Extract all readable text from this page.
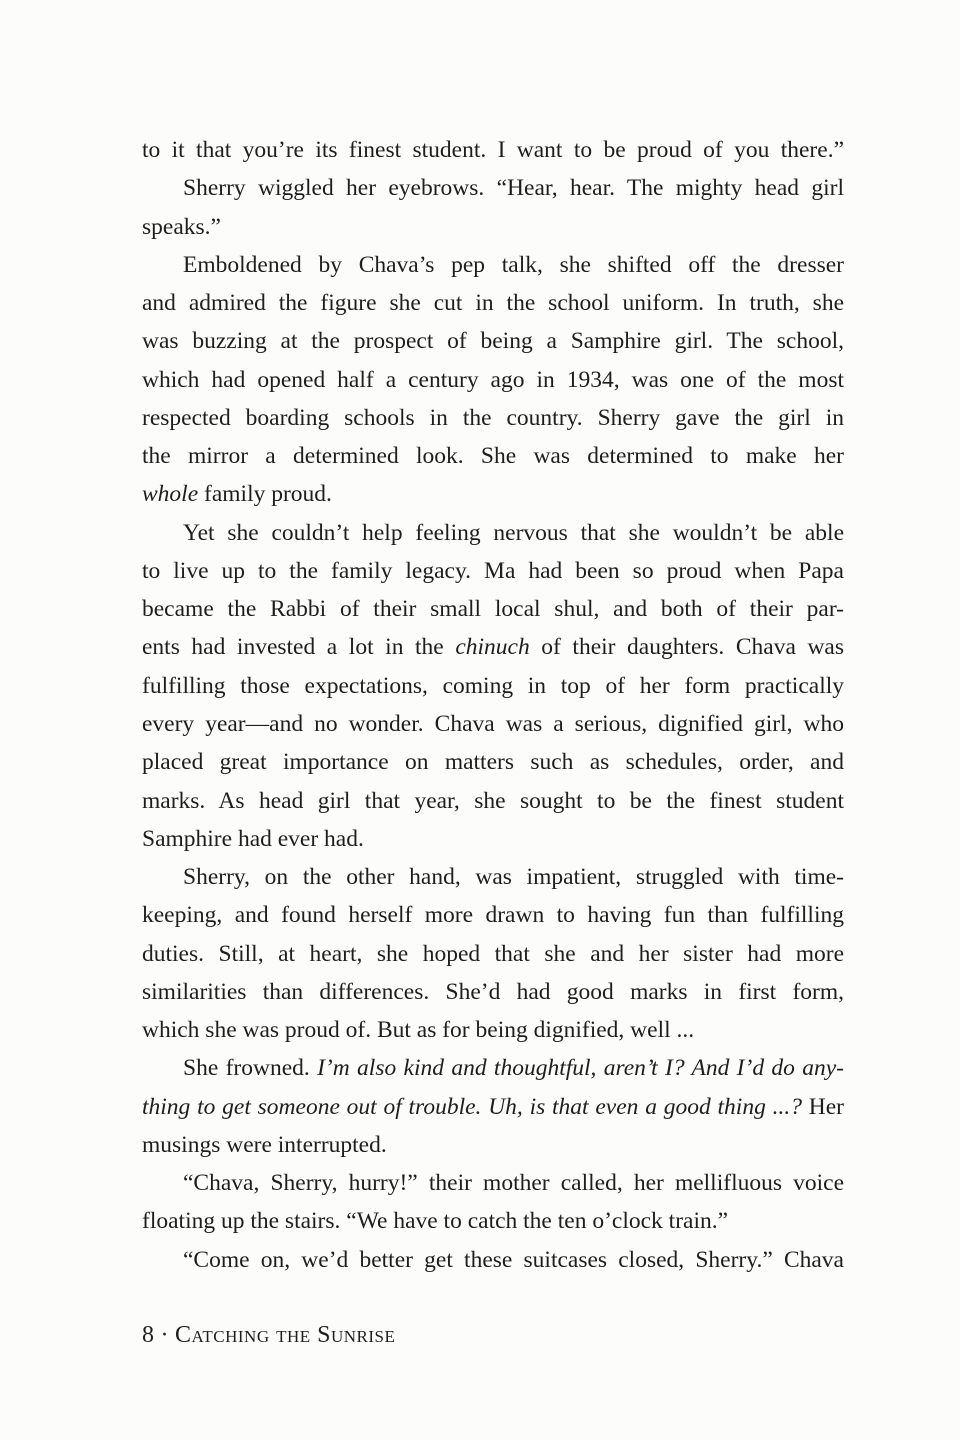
to it that you’re its finest student. I want to be proud of you there.”
Sherry wiggled her eyebrows. “Hear, hear. The mighty head girl
speaks.”
Emboldened by Chava’s pep talk, she shifted off the dresser
and admired the figure she cut in the school uniform. In truth, she
was buzzing at the prospect of being a Samphire girl. The school,
which had opened half a century ago in 1934, was one of the most
respected boarding schools in the country. Sherry gave the girl in
the mirror a determined look. She was determined to make her
whole family proud.
Yet she couldn’t help feeling nervous that she wouldn’t be able
to live up to the family legacy. Ma had been so proud when Papa
became the Rabbi of their small local shul, and both of their par-
ents had invested a lot in the chinuch of their daughters. Chava was
fulfilling those expectations, coming in top of her form practically
every year—and no wonder. Chava was a serious, dignified girl, who
placed great importance on matters such as schedules, order, and
marks. As head girl that year, she sought to be the finest student
Samphire had ever had.
Sherry, on the other hand, was impatient, struggled with time-
keeping, and found herself more drawn to having fun than fulfilling
duties. Still, at heart, she hoped that she and her sister had more
similarities than differences. She’d had good marks in first form,
which she was proud of. But as for being dignified, well ...
She frowned. I’m also kind and thoughtful, aren’t I? And I’d do any-
thing to get someone out of trouble. Uh, is that even a good thing ...? Her
musings were interrupted.
“Chava, Sherry, hurry!” their mother called, her mellifluous voice
floating up the stairs. “We have to catch the ten o’clock train.”
“Come on, we’d better get these suitcases closed, Sherry.” Chava
8 · Catching the Sunrise
